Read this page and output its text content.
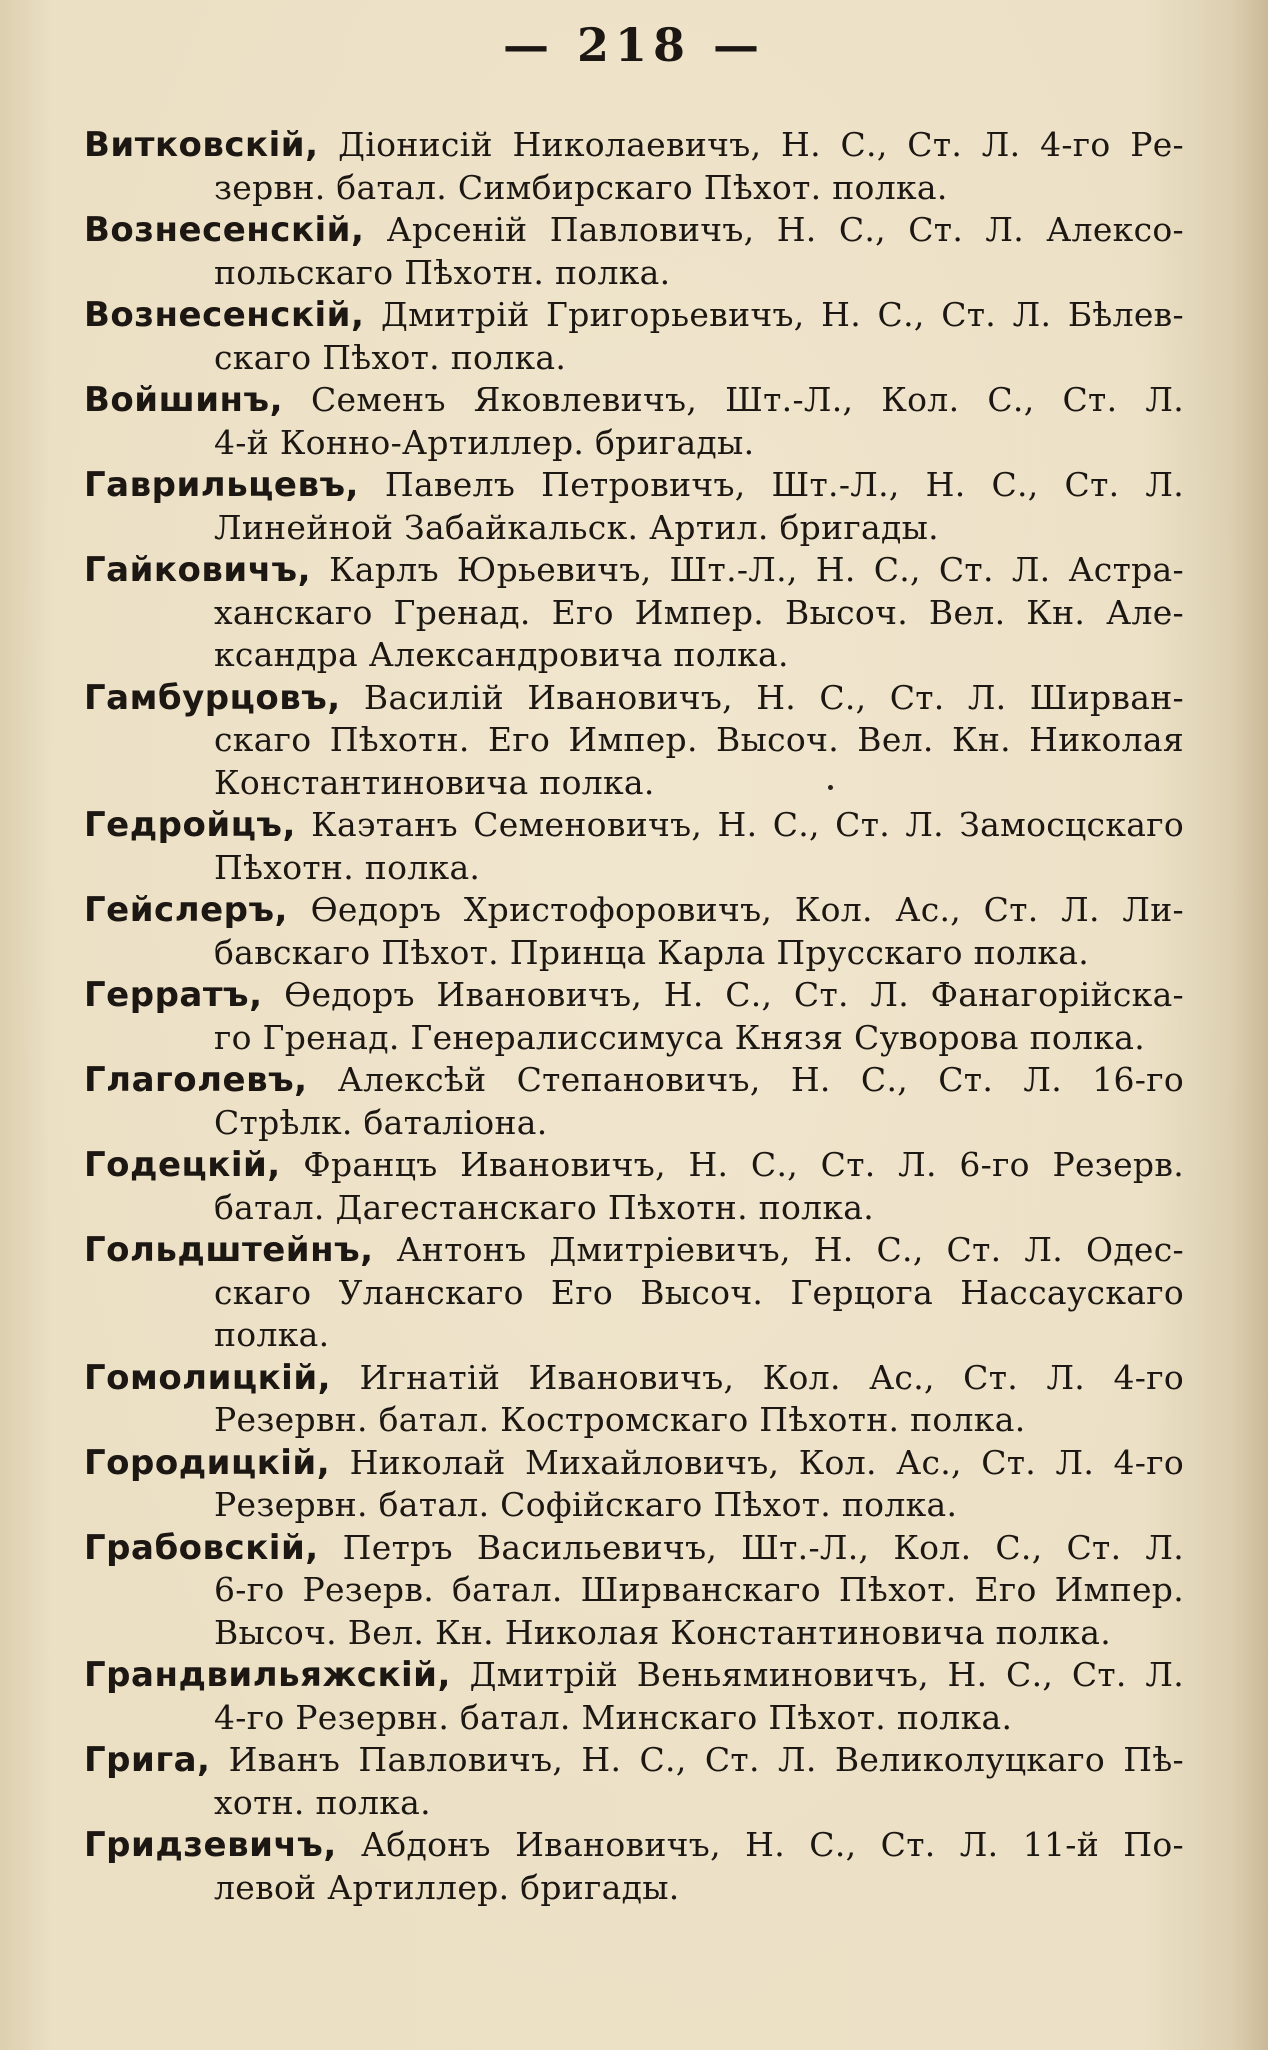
— 218 —
Витковскій, Діонисій Николаевичъ, Н. С., Ст. Л. 4-го Ре-
зервн. батал. Симбирскаго Пѣхот. полка.
Вознесенскій, Арсеній Павловичъ, Н. С., Ст. Л. Алексо-
польскаго Пѣхотн. полка.
Вознесенскій, Дмитрій Григорьевичъ, Н. С., Ст. Л. Бѣлев-
скаго Пѣхот. полка.
Войшинъ, Семенъ Яковлевичъ, Шт.-Л., Кол. С., Ст. Л.
4-й Конно-Артиллер. бригады.
Гаврильцевъ, Павелъ Петровичъ, Шт.-Л., Н. С., Ст. Л.
Линейной Забайкальск. Артил. бригады.
Гайковичъ, Карлъ Юрьевичъ, Шт.-Л., Н. С., Ст. Л. Астра-
ханскаго Гренад. Его Импер. Высоч. Вел. Кн. Але-
ксандра Александровича полка.
Гамбурцовъ, Василій Ивановичъ, Н. С., Ст. Л. Ширван-
скаго Пѣхотн. Его Импер. Высоч. Вел. Кн. Николая
Константиновича полка.
Гедройцъ, Каэтанъ Семеновичъ, Н. С., Ст. Л. Замосцскаго
Пѣхотн. полка.
Гейслеръ, Ѳедоръ Христофоровичъ, Кол. Ас., Ст. Л. Ли-
бавскаго Пѣхот. Принца Карла Прусскаго полка.
Герратъ, Ѳедоръ Ивановичъ, Н. С., Ст. Л. Фанагорійска-
го Гренад. Генералиссимуса Князя Суворова полка.
Глаголевъ, Алексѣй Степановичъ, Н. С., Ст. Л. 16-го
Стрѣлк. баталіона.
Годецкій, Францъ Ивановичъ, Н. С., Ст. Л. 6-го Резерв.
батал. Дагестанскаго Пѣхотн. полка.
Гольдштейнъ, Антонъ Дмитріевичъ, Н. С., Ст. Л. Одес-
скаго Уланскаго Его Высоч. Герцога Нассаускаго
полка.
Гомолицкій, Игнатій Ивановичъ, Кол. Ас., Ст. Л. 4-го
Резервн. батал. Костромскаго Пѣхотн. полка.
Городицкій, Николай Михайловичъ, Кол. Ас., Ст. Л. 4-го
Резервн. батал. Софійскаго Пѣхот. полка.
Грабовскій, Петръ Васильевичъ, Шт.-Л., Кол. С., Ст. Л.
6-го Резерв. батал. Ширванскаго Пѣхот. Его Импер.
Высоч. Вел. Кн. Николая Константиновича полка.
Грандвильяжскій, Дмитрій Веньяминовичъ, Н. С., Ст. Л.
4-го Резервн. батал. Минскаго Пѣхот. полка.
Грига, Иванъ Павловичъ, Н. С., Ст. Л. Великолуцкаго Пѣ-
хотн. полка.
Гридзевичъ, Абдонъ Ивановичъ, Н. С., Ст. Л. 11-й По-
левой Артиллер. бригады.
